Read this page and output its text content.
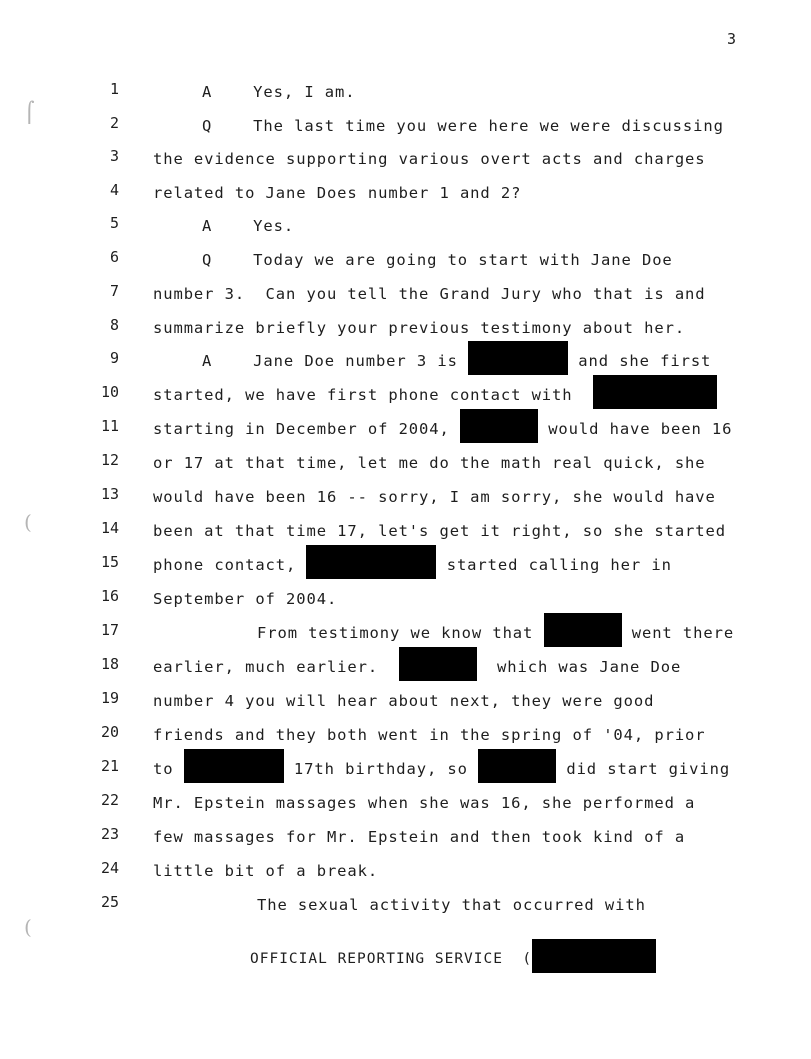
3
1	A    Yes, I am.
2	Q    The last time you were here we were discussing
3 the evidence supporting various overt acts and charges
4 related to Jane Does number 1 and 2?
5	A    Yes.
6	Q    Today we are going to start with Jane Doe
7 number 3.  Can you tell the Grand Jury who that is and
8 summarize briefly your previous testimony about her.
9	A    Jane Doe number 3 is	and she first
10 started, we have first phone contact with
11 starting in December of 2004,	would have been 16
12 or 17 at that time, let me do the math real quick, she
13 would have been 16 -- sorry, I am sorry, she would have
14 been at that time 17, let's get it right, so she started
15 phone contact,	started calling her in
16 September of 2004.
17	From testimony we know that	went there
18 earlier, much earlier.	which was Jane Doe
19 number 4 you will hear about next, they were good
20 friends and they both went in the spring of '04, prior
21 to	17th birthday, so	did start giving
22 Mr. Epstein massages when she was 16, she performed a
23 few massages for Mr. Epstein and then took kind of a
24 little bit of a break.
25	The sexual activity that occurred with
⌠
(
(
OFFICIAL REPORTING SERVICE  (
